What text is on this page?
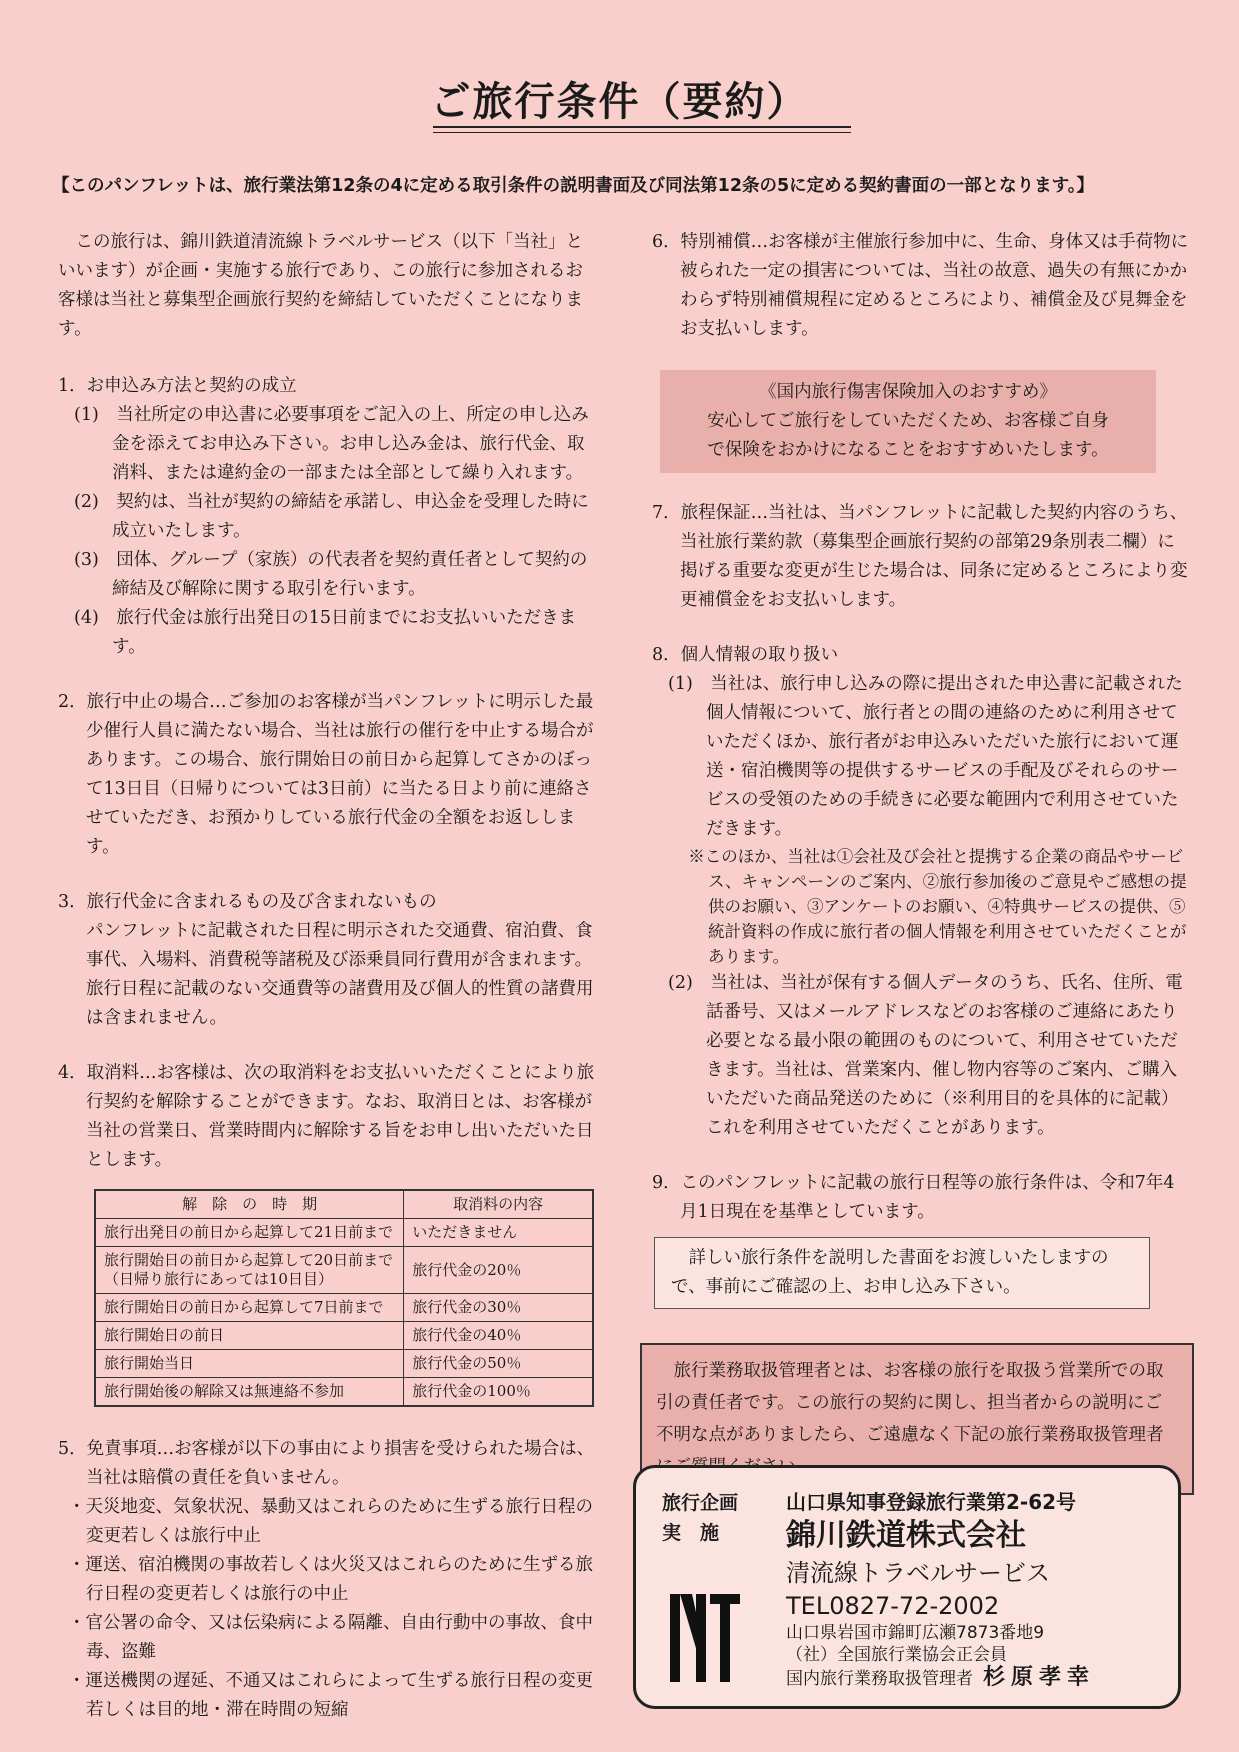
ご旅行条件（要約）
【このパンフレットは、旅行業法第12条の4に定める取引条件の説明書面及び同法第12条の5に定める契約書面の一部となります。】

この旅行は、錦川鉄道清流線トラベルサービス（以下「当社」といいます）が企画・実施する旅行であり、この旅行に参加されるお客様は当社と募集型企画旅行契約を締結していただくことになります。

1．お申込み方法と契約の成立

(1)　 当社所定の申込書に必要事項をご記入の上、所定の申し込み金を添えてお申込み下さい。お申し込み金は、旅行代金、取消料、または違約金の一部または全部として繰り入れます。

(2)　 契約は、当社が契約の締結を承諾し、申込金を受理した時に成立いたします。

(3)　 団体、グループ（家族）の代表者を契約責任者として契約の締結及び解除に関する取引を行います。

(4)　 旅行代金は旅行出発日の15日前までにお支払いいただきます。

2．旅行中止の場合…ご参加のお客様が当パンフレットに明示した最少催行人員に満たない場合、当社は旅行の催行を中止する場合があります。この場合、旅行開始日の前日から起算してさかのぼって13日目（日帰りについては3日前）に当たる日より前に連絡させていただき、お預かりしている旅行代金の全額をお返しします。

3．旅行代金に含まれるもの及び含まれないもの

パンフレットに記載された日程に明示された交通費、宿泊費、食事代、入場料、消費税等諸税及び添乗員同行費用が含まれます。旅行日程に記載のない交通費等の諸費用及び個人的性質の諸費用は含まれません。

4．取消料…お客様は、次の取消料をお支払いいただくことにより旅行契約を解除することができます。なお、取消日とは、お客様が当社の営業日、営業時間内に解除する旨をお申し出いただいた日とします。

解　除　の　時　期	取消料の内容
旅行出発日の前日から起算して21日前まで	いただきません
旅行開始日の前日から起算して20日前まで
（日帰り旅行にあっては10日目）	旅行代金の20％
旅行開始日の前日から起算して7日前まで	旅行代金の30％
旅行開始日の前日	旅行代金の40％
旅行開始当日	旅行代金の50％
旅行開始後の解除又は無連絡不参加	旅行代金の100％

5．免責事項…お客様が以下の事由により損害を受けられた場合は、当社は賠償の責任を負いません。

・天災地変、気象状況、暴動又はこれらのために生ずる旅行日程の変更若しくは旅行中止

・運送、宿泊機関の事故若しくは火災又はこれらのために生ずる旅行日程の変更若しくは旅行の中止

・官公署の命令、又は伝染病による隔離、自由行動中の事故、食中毒、盗難

・運送機関の遅延、不通又はこれらによって生ずる旅行日程の変更若しくは目的地・滞在時間の短縮

6．特別補償…お客様が主催旅行参加中に、生命、身体又は手荷物に被られた一定の損害については、当社の故意、過失の有無にかかわらず特別補償規程に定めるところにより、補償金及び見舞金をお支払いします。

《国内旅行傷害保険加入のおすすめ》

安心してご旅行をしていただくため、お客様ご自身

で保険をおかけになることをおすすめいたします。

7．旅程保証…当社は、当パンフレットに記載した契約内容のうち、当社旅行業約款（募集型企画旅行契約の部第29条別表二欄）に掲げる重要な変更が生じた場合は、同条に定めるところにより変更補償金をお支払いします。

8．個人情報の取り扱い

(1)　 当社は、旅行申し込みの際に提出された申込書に記載された個人情報について、旅行者との間の連絡のために利用させていただくほか、旅行者がお申込みいただいた旅行において運送・宿泊機関等の提供するサービスの手配及びそれらのサービスの受領のための手続きに必要な範囲内で利用させていただきます。

※このほか、当社は①会社及び会社と提携する企業の商品やサービス、キャンペーンのご案内、②旅行参加後のご意見やご感想の提供のお願い、③アンケートのお願い、④特典サービスの提供、⑤統計資料の作成に旅行者の個人情報を利用させていただくことがあります。

(2)　 当社は、当社が保有する個人データのうち、氏名、住所、電話番号、又はメールアドレスなどのお客様のご連絡にあたり必要となる最小限の範囲のものについて、利用させていただきます。当社は、営業案内、催し物内容等のご案内、ご購入いただいた商品発送のために（※利用目的を具体的に記載）これを利用させていただくことがあります。

9．このパンフレットに記載の旅行日程等の旅行条件は、令和7年4月1日現在を基準としています。

詳しい旅行条件を説明した書面をお渡しいたしますので、事前にご確認の上、お申し込み下さい。
旅行業務取扱管理者とは、お客様の旅行を取扱う営業所での取引の責任者です。この旅行の契約に関し、担当者からの説明にご不明な点がありましたら、ご遠慮なく下記の旅行業務取扱管理者
旅行企画
実　施
山口県知事登録旅行業第2-62号
錦川鉄道株式会社
清流線トラベルサービス
TEL0827-72-2002
山口県岩国市錦町広瀬7873番地9
（社）全国旅行業協会正会員
国内旅行業務取扱管理者 杉原孝幸
